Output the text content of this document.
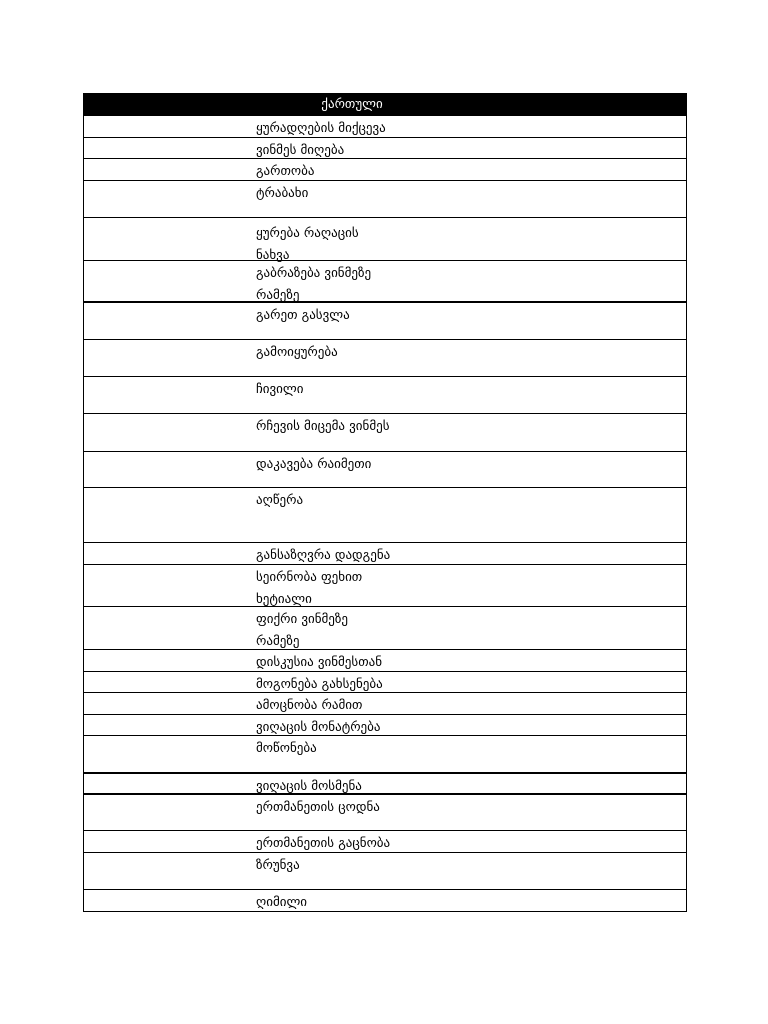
ქართული
ყურადღების მიქცევა
ვინმეს მიღება
გართობა
ტრაბახი
ყურება რაღაცის
ნახვა
გაბრაზება ვინმეზე
რამეზე
გარეთ გასვლა
გამოიყურება
ჩივილი
რჩევის მიცემა ვინმეს
დაკავება რაიმეთი
აღწერა
განსაზღვრა დადგენა
სეირნობა ფეხით
ხეტიალი
ფიქრი ვინმეზე
რამეზე
დისკუსია ვინმესთან
მოგონება გახსენება
ამოცნობა რამით
ვიღაცის მონატრება
მოწონება
ვიღაცის მოსმენა
ერთმანეთის ცოდნა
ერთმანეთის გაცნობა
ზრუნვა
ღიმილი
